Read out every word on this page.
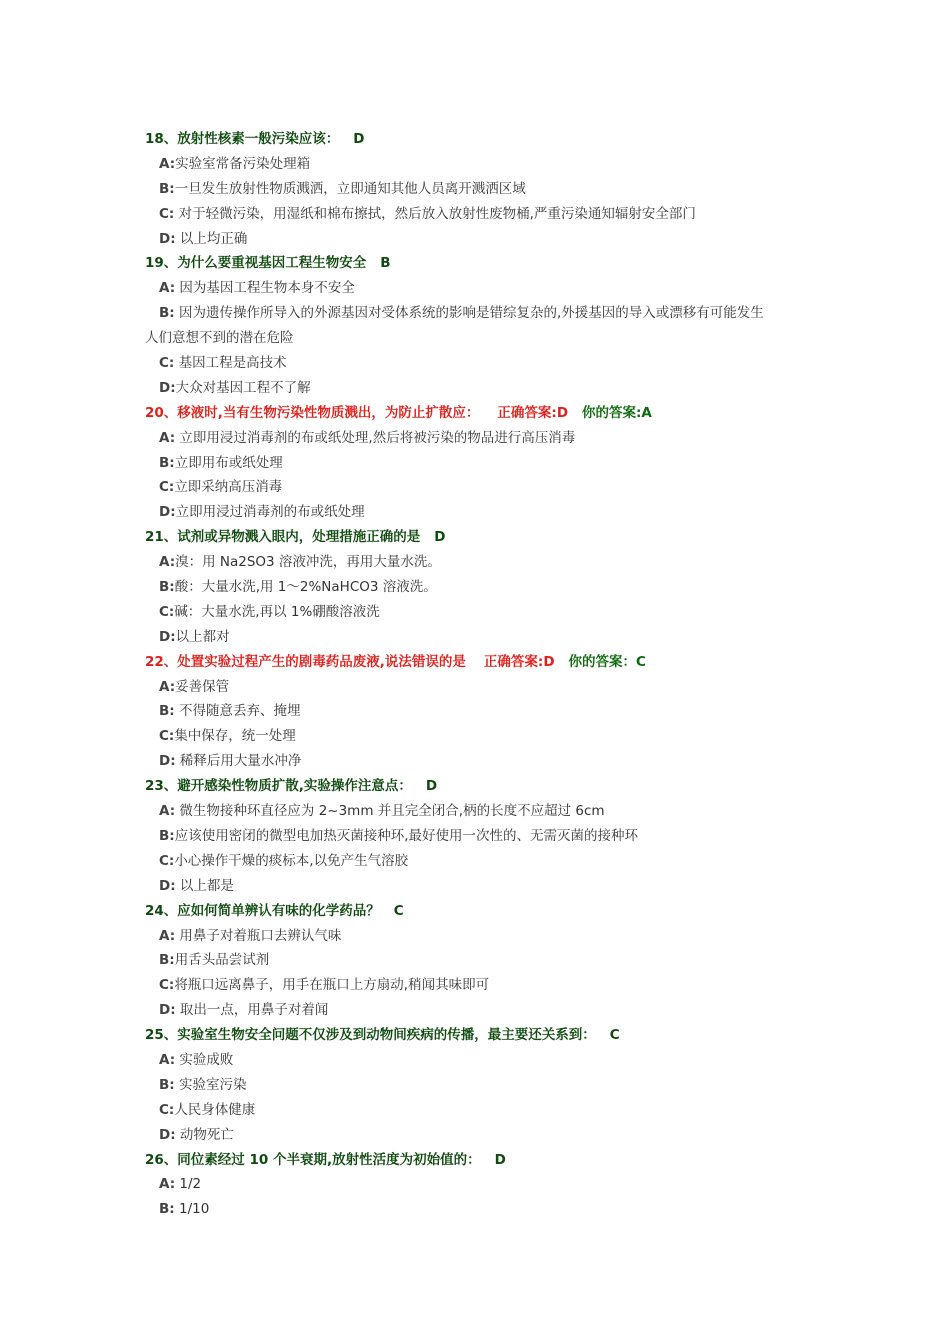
18、放射性核素一般污染应该： D
A:实验室常备污染处理箱
B:一旦发生放射性物质溅洒，立即通知其他人员离开溅洒区域
C: 对于轻微污染，用湿纸和棉布擦拭，然后放入放射性废物桶,严重污染通知辐射安全部门
D: 以上均正确
19、为什么要重视基因工程生物安全 B
A: 因为基因工程生物本身不安全
B: 因为遗传操作所导入的外源基因对受体系统的影响是错综复杂的,外援基因的导入或漂移有可能发生
人们意想不到的潜在危险
C: 基因工程是高技术
D:大众对基因工程不了解
20、移液时,当有生物污染性物质溅出，为防止扩散应： 正确答案:D 你的答案:A
A: 立即用浸过消毒剂的布或纸处理,然后将被污染的物品进行高压消毒
B:立即用布或纸处理
C:立即采纳高压消毒
D:立即用浸过消毒剂的布或纸处理
21、试剂或异物溅入眼内，处理措施正确的是 D
A:溴：用 Na2SO3 溶液冲洗，再用大量水洗。
B:酸：大量水洗,用 1～2%NaHCO3 溶液洗。
C:碱：大量水洗,再以 1%硼酸溶液洗
D:以上都对
22、处置实验过程产生的剧毒药品废液,说法错误的是 正确答案:D 你的答案：C
A:妥善保管
B: 不得随意丢弃、掩埋
C:集中保存，统一处理
D: 稀释后用大量水冲净
23、避开感染性物质扩散,实验操作注意点： D
A: 微生物接种环直径应为 2~3mm 并且完全闭合,柄的长度不应超过 6cm
B:应该使用密闭的微型电加热灭菌接种环,最好使用一次性的、无需灭菌的接种环
C:小心操作干燥的痰标本,以免产生气溶胶
D: 以上都是
24、应如何简单辨认有味的化学药品？ C
A: 用鼻子对着瓶口去辨认气味
B:用舌头品尝试剂
C:将瓶口远离鼻子，用手在瓶口上方扇动,稍闻其味即可
D: 取出一点，用鼻子对着闻
25、实验室生物安全问题不仅涉及到动物间疾病的传播，最主要还关系到： C
A: 实验成败
B: 实验室污染
C:人民身体健康
D: 动物死亡
26、同位素经过 10 个半衰期,放射性活度为初始值的： D
A: 1/2
B: 1/10
